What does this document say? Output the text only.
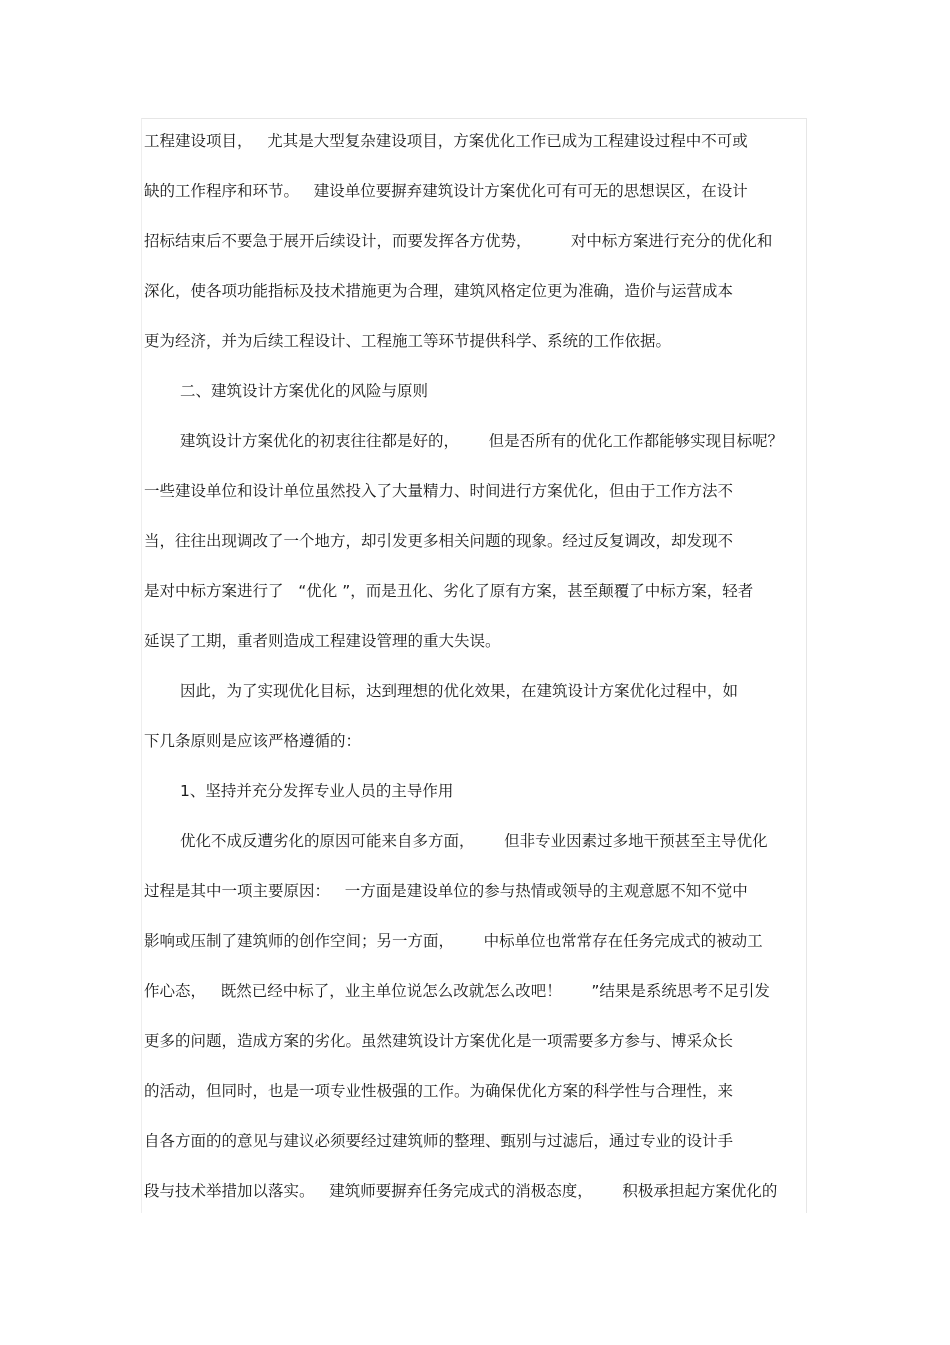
工程建设项目，   尤其是大型复杂建设项目，方案优化工作已成为工程建设过程中不可或
缺的工作程序和环节。   建设单位要摒弃建筑设计方案优化可有可无的思想误区，在设计
招标结束后不要急于展开后续设计，而要发挥各方优势，        对中标方案进行充分的优化和
深化，使各项功能指标及技术措施更为合理，建筑风格定位更为准确，造价与运营成本
更为经济，并为后续工程设计、工程施工等环节提供科学、系统的工作依据。
二、建筑设计方案优化的风险与原则
建筑设计方案优化的初衷往往都是好的，      但是否所有的优化工作都能够实现目标呢？
一些建设单位和设计单位虽然投入了大量精力、时间进行方案优化，但由于工作方法不
当，往往出现调改了一个地方，却引发更多相关问题的现象。经过反复调改，却发现不
是对中标方案进行了   “优化 ”，而是丑化、劣化了原有方案，甚至颠覆了中标方案，轻者
延误了工期，重者则造成工程建设管理的重大失误。
因此，为了实现优化目标，达到理想的优化效果，在建筑设计方案优化过程中，如
下几条原则是应该严格遵循的：
1、坚持并充分发挥专业人员的主导作用
优化不成反遭劣化的原因可能来自多方面，      但非专业因素过多地干预甚至主导优化
过程是其中一项主要原因：   一方面是建设单位的参与热情或领导的主观意愿不知不觉中
影响或压制了建筑师的创作空间；另一方面，      中标单位也常常存在任务完成式的被动工
作心态，   既然已经中标了，业主单位说怎么改就怎么改吧！      ”结果是系统思考不足引发
更多的问题，造成方案的劣化。虽然建筑设计方案优化是一项需要多方参与、博采众长
的活动，但同时，也是一项专业性极强的工作。为确保优化方案的科学性与合理性，来
自各方面的的意见与建议必须要经过建筑师的整理、甄别与过滤后，通过专业的设计手
段与技术举措加以落实。   建筑师要摒弃任务完成式的消极态度，      积极承担起方案优化的
